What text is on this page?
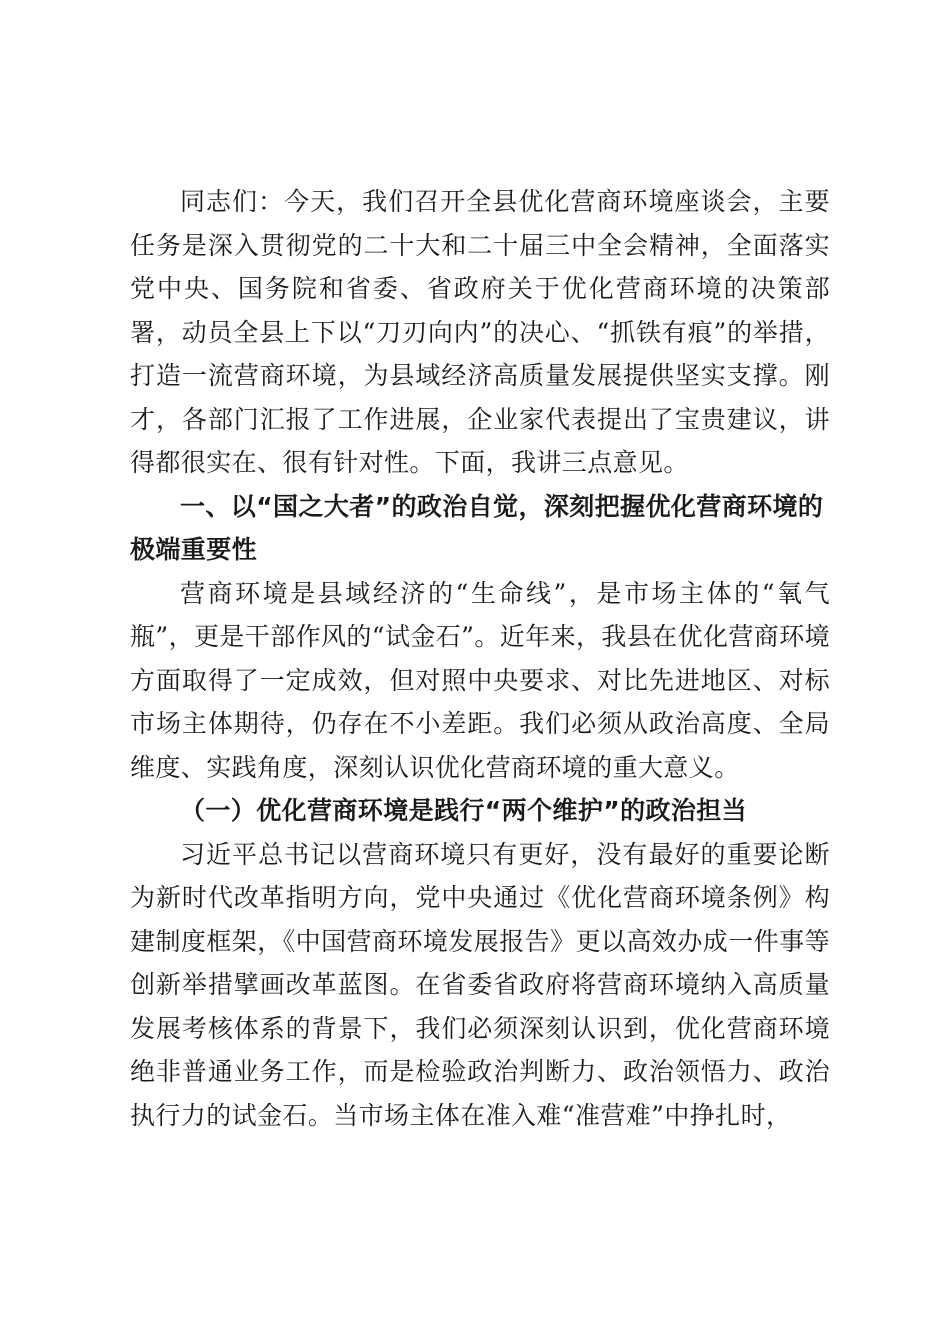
同志们：今天，我们召开全县优化营商环境座谈会，主要任务是深入贯彻党的二十大和二十届三中全会精神，全面落实党中央、国务院和省委、省政府关于优化营商环境的决策部署，动员全县上下以“刀刃向内”的决心、“抓铁有痕”的举措，打造一流营商环境，为县域经济高质量发展提供坚实支撑。刚才，各部门汇报了工作进展，企业家代表提出了宝贵建议，讲得都很实在、很有针对性。下面，我讲三点意见。

一、以“国之大者”的政治自觉，深刻把握优化营商环境的极端重要性

营商环境是县域经济的“生命线”，是市场主体的“氧气瓶”，更是干部作风的“试金石”。近年来，我县在优化营商环境方面取得了一定成效，但对照中央要求、对比先进地区、对标市场主体期待，仍存在不小差距。我们必须从政治高度、全局维度、实践角度，深刻认识优化营商环境的重大意义。

（一）优化营商环境是践行“两个维护”的政治担当

习近平总书记以营商环境只有更好，没有最好的重要论断为新时代改革指明方向，党中央通过《优化营商环境条例》构建制度框架，《中国营商环境发展报告》更以高效办成一件事等创新举措擘画改革蓝图。在省委省政府将营商环境纳入高质量发展考核体系的背景下，我们必须深刻认识到，优化营商环境绝非普通业务工作，而是检验政治判断力、政治领悟力、政治执行力的试金石。当市场主体在准入难“准营难”中挣扎时，
